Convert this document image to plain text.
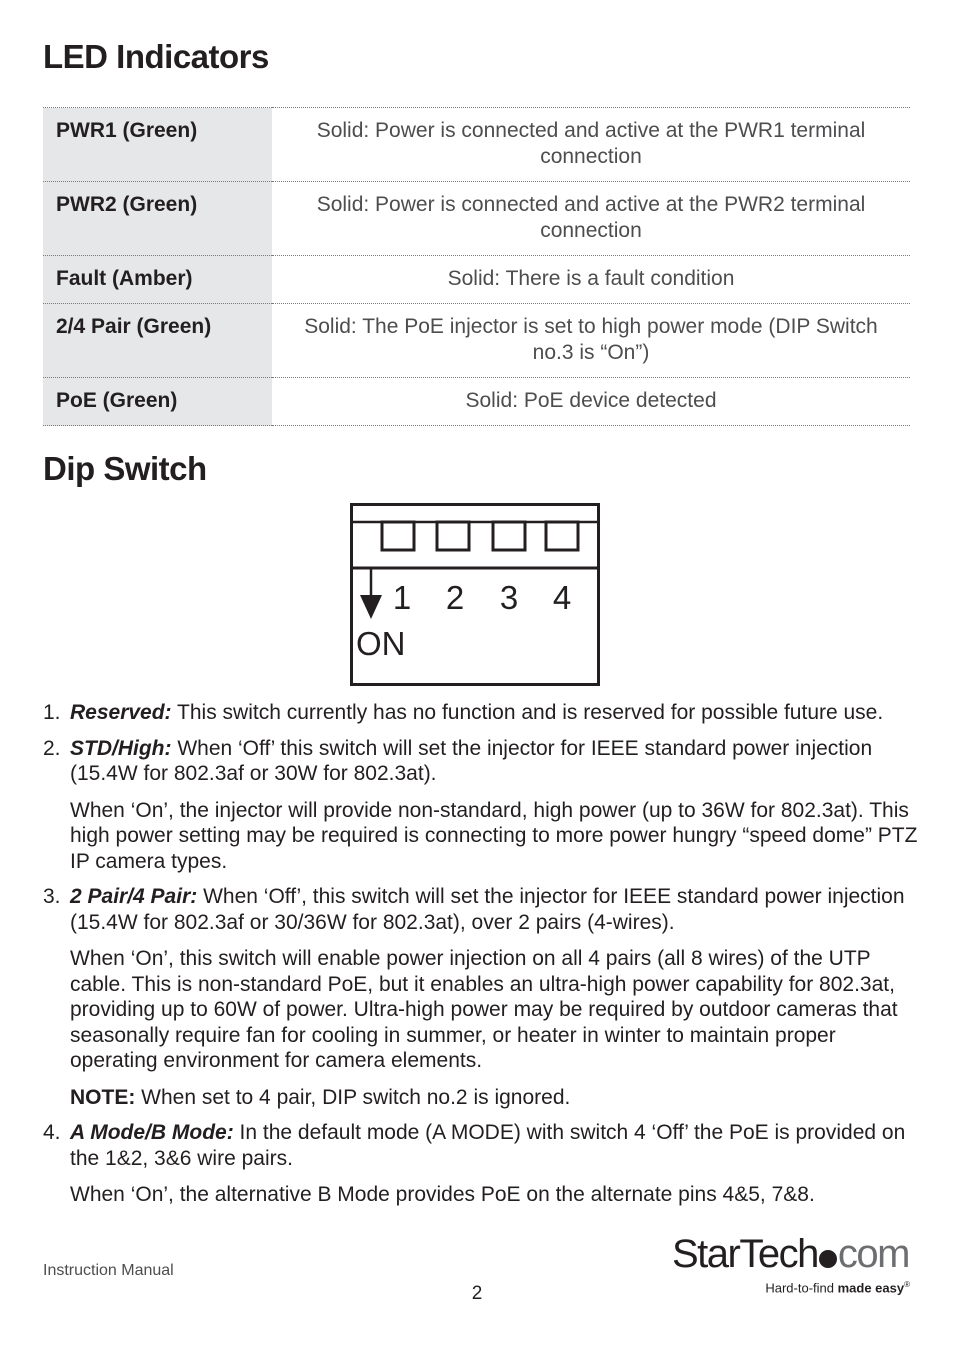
LED Indicators
PWR1 (Green)	Solid: Power is connected and active at the PWR1 terminal connection
PWR2 (Green)	Solid: Power is connected and active at the PWR2 terminal connection
Fault (Amber)	Solid: There is a fault condition
2/4 Pair (Green)	Solid: The PoE injector is set to high power mode (DIP Switch no.3 is “On”)
PoE (Green)	Solid: PoE device detected
Dip Switch
1 2 3 4
ON
1. Reserved: This switch currently has no function and is reserved for possible future use.

2. STD/High: When ‘Off’ this switch will set the injector for IEEE standard power injection (15.4W for 802.3af or 30W for 802.3at).

When ‘On’, the injector will provide non-standard, high power (up to 36W for 802.3at). This high power setting may be required is connecting to more power hungry “speed dome” PTZ IP camera types.

3. 2 Pair/4 Pair: When ‘Off’, this switch will set the injector for IEEE standard power injection (15.4W for 802.3af or 30/36W for 802.3at), over 2 pairs (4-wires).

When ‘On’, this switch will enable power injection on all 4 pairs (all 8 wires) of the UTP cable. This is non-standard PoE, but it enables an ultra-high power capability for 802.3at, providing up to 60W of power. Ultra-high power may be required by outdoor cameras that seasonally require fan for cooling in summer, or heater in winter to maintain proper operating environment for camera elements.

NOTE: When set to 4 pair, DIP switch no.2 is ignored.

4. A Mode/B Mode: In the default mode (A MODE) with switch 4 ‘Off’ the PoE is provided on the 1&2, 3&6 wire pairs.

When ‘On’, the alternative B Mode provides PoE on the alternate pins 4&5, 7&8.

Instruction Manual
2
StarTech com
Hard-to-find made easy®
